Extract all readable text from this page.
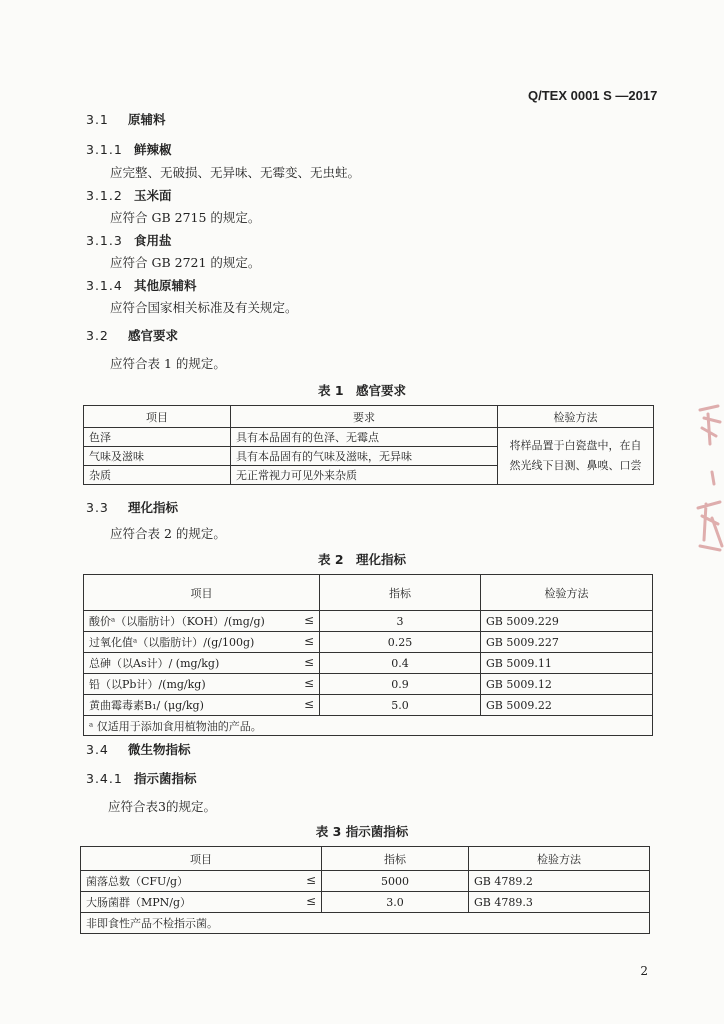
Q/TEX 0001 S —2017
3.1 原辅料
3.1.1 鲜辣椒
应完整、无破损、无异味、无霉变、无虫蛀。
3.1.2 玉米面
应符合 GB 2715 的规定。
3.1.3 食用盐
应符合 GB 2721 的规定。
3.1.4 其他原辅料
应符合国家相关标准及有关规定。
3.2 感官要求
应符合表 1 的规定。
表 1　感官要求
项目	要求	检验方法
色泽	具有本品固有的色泽、无霉点	将样品置于白瓷盘中，在自然光线下目测、鼻嗅、口尝
气味及滋味	具有本品固有的气味及滋味，无异味	
杂质	无正常视力可见外来杂质	
3.3 理化指标
应符合表 2 的规定。
表 2　理化指标
项目	指标	检验方法
酸价ᵃ（以脂肪计）（KOH）/(mg/g) ≤	3	GB 5009.229
过氧化值ᵃ（以脂肪计）/(g/100g) ≤	0.25	GB 5009.227
总砷（以As计）/ (mg/kg) ≤	0.4	GB 5009.11
铅（以Pb计）/(mg/kg) ≤	0.9	GB 5009.12
黄曲霉毒素B₁/ (μg/kg) ≤	5.0	GB 5009.22
ᵃ 仅适用于添加食用植物油的产品。		
3.4 微生物指标
3.4.1 指示菌指标
应符合表3的规定。
表 3 指示菌指标
项目	指标	检验方法
菌落总数（CFU/g） ≤	5000	GB 4789.2
大肠菌群（MPN/g） ≤	3.0	GB 4789.3
非即食性产品不检指示菌。		
2
